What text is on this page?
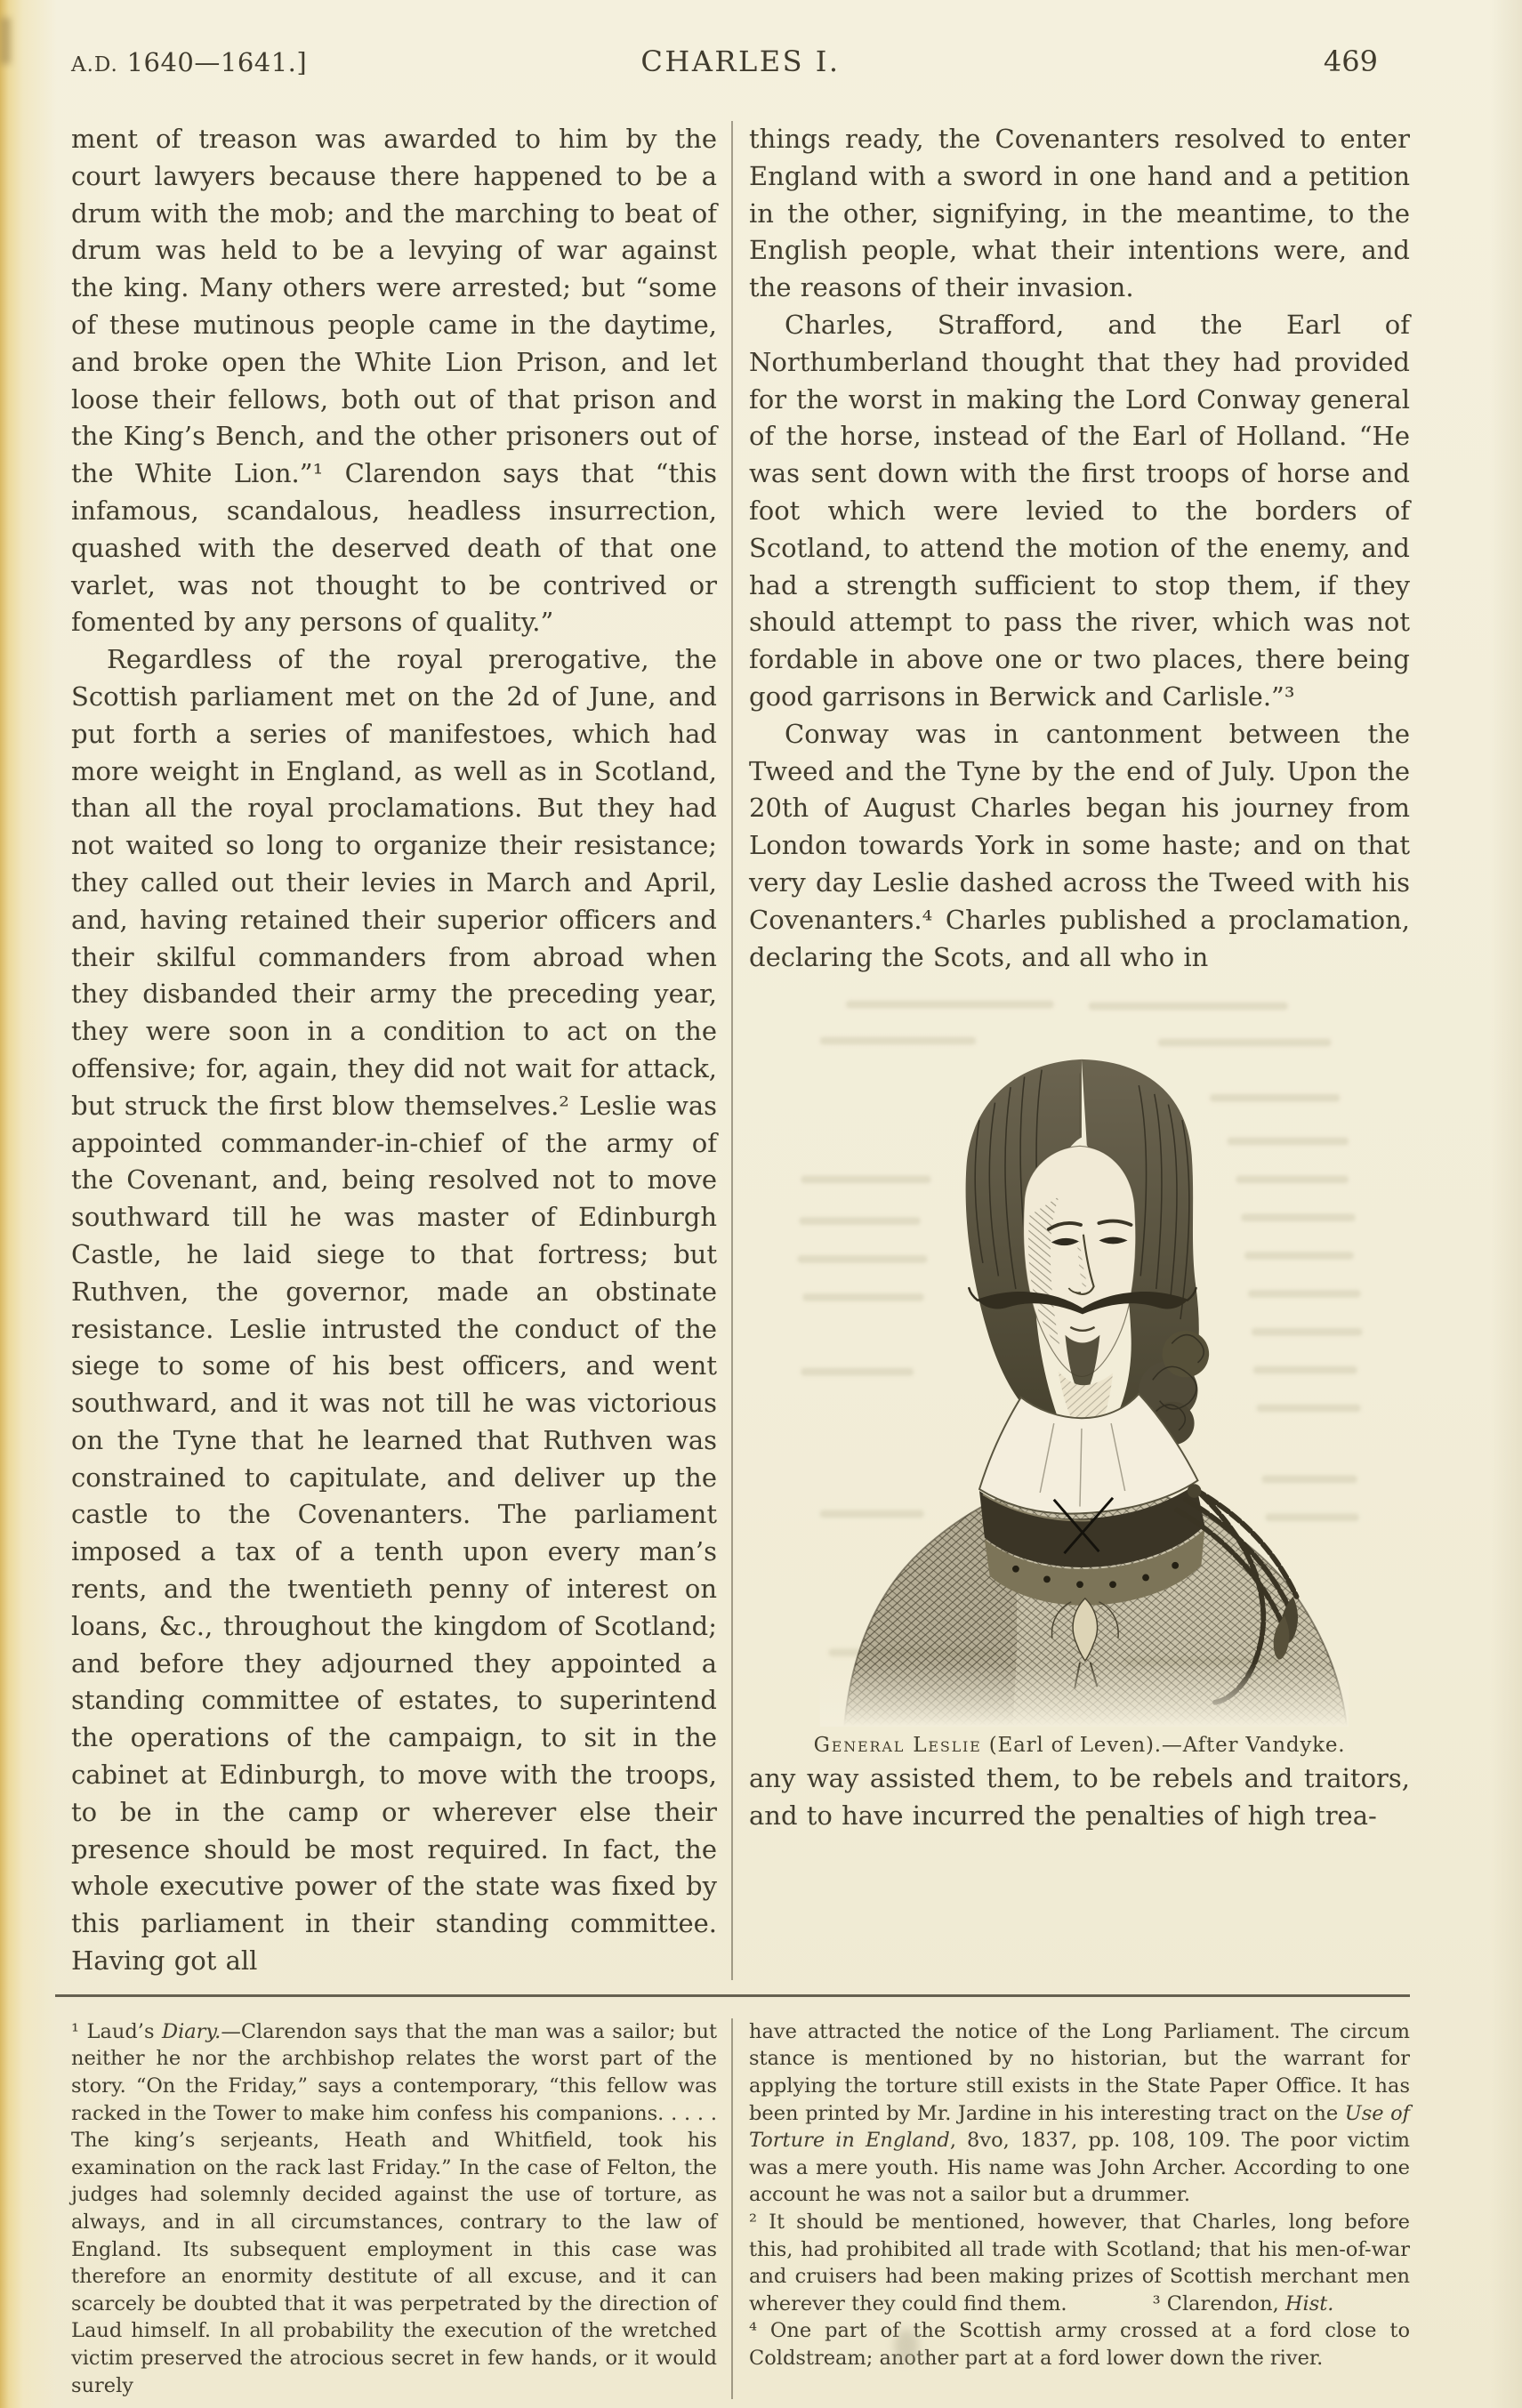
A.D. 1640—1641.]	CHARLES I.	469

ment of treason was awarded to him by the court lawyers because there happened to be a drum with the mob; and the marching to beat of drum was held to be a levying of war against the king. Many others were arrested; but “some of these mutinous people came in the daytime, and broke open the White Lion Prison, and let loose their fellows, both out of that prison and the King’s Bench, and the other prisoners out of the White Lion.”¹ Clarendon says that “this infamous, scandalous, headless insurrection, quashed with the deserved death of that one varlet, was not thought to be contrived or fomented by any persons of quality.”

Regardless of the royal prerogative, the Scottish parliament met on the 2d of June, and put forth a series of manifestoes, which had more weight in England, as well as in Scotland, than all the royal proclamations. But they had not waited so long to organize their resistance; they called out their levies in March and April, and, having retained their superior officers and their skilful commanders from abroad when they disbanded their army the preceding year, they were soon in a condition to act on the offensive; for, again, they did not wait for attack, but struck the first blow themselves.² Leslie was appointed commander-in-chief of the army of the Covenant, and, being resolved not to move southward till he was master of Edinburgh Castle, he laid siege to that fortress; but Ruthven, the governor, made an obstinate resistance. Leslie intrusted the conduct of the siege to some of his best officers, and went southward, and it was not till he was victorious on the Tyne that he learned that Ruthven was constrained to capitulate, and deliver up the castle to the Covenanters. The parliament imposed a tax of a tenth upon every man’s rents, and the twentieth penny of interest on loans, &c., throughout the kingdom of Scotland; and before they adjourned they appointed a standing committee of estates, to superintend the operations of the campaign, to sit in the cabinet at Edinburgh, to move with the troops, to be in the camp or wherever else their presence should be most required. In fact, the whole executive power of the state was fixed by this parliament in their standing committee. Having got all

things ready, the Covenanters resolved to enter England with a sword in one hand and a petition in the other, signifying, in the meantime, to the English people, what their intentions were, and the reasons of their invasion.

Charles, Strafford, and the Earl of Northumberland thought that they had provided for the worst in making the Lord Conway general of the horse, instead of the Earl of Holland. “He was sent down with the first troops of horse and foot which were levied to the borders of Scotland, to attend the motion of the enemy, and had a strength sufficient to stop them, if they should attempt to pass the river, which was not fordable in above one or two places, there being good garrisons in Berwick and Carlisle.”³

Conway was in cantonment between the Tweed and the Tyne by the end of July. Upon the 20th of August Charles began his journey from London towards York in some haste; and on that very day Leslie dashed across the Tweed with his Covenanters.⁴ Charles published a proclamation, declaring the Scots, and all who in

General Leslie (Earl of Leven).—After Vandyke.

any way assisted them, to be rebels and traitors, and to have incurred the penalties of high trea-

¹ Laud’s Diary.—Clarendon says that the man was a sailor; but neither he nor the archbishop relates the worst part of the story. “On the Friday,” says a contemporary, “this fellow was racked in the Tower to make him confess his companions. . . . . The king’s serjeants, Heath and Whitfield, took his examination on the rack last Friday.” In the case of Felton, the judges had solemnly decided against the use of torture, as always, and in all circumstances, contrary to the law of England. Its subsequent employment in this case was therefore an enormity destitute of all excuse, and it can scarcely be doubted that it was perpetrated by the direction of Laud himself. In all probability the execution of the wretched victim preserved the atrocious secret in few hands, or it would surely

have attracted the notice of the Long Parliament. The circum stance is mentioned by no historian, but the warrant for applying the torture still exists in the State Paper Office. It has been printed by Mr. Jardine in his interesting tract on the Use of Torture in England, 8vo, 1837, pp. 108, 109. The poor victim was a mere youth. His name was John Archer. According to one account he was not a sailor but a drummer.

² It should be mentioned, however, that Charles, long before this, had prohibited all trade with Scotland; that his men-of-war and cruisers had been making prizes of Scottish merchant men wherever they could find them.	³ Clarendon, Hist.

⁴ One part of the Scottish army crossed at a ford close to Coldstream; another part at a ford lower down the river.
